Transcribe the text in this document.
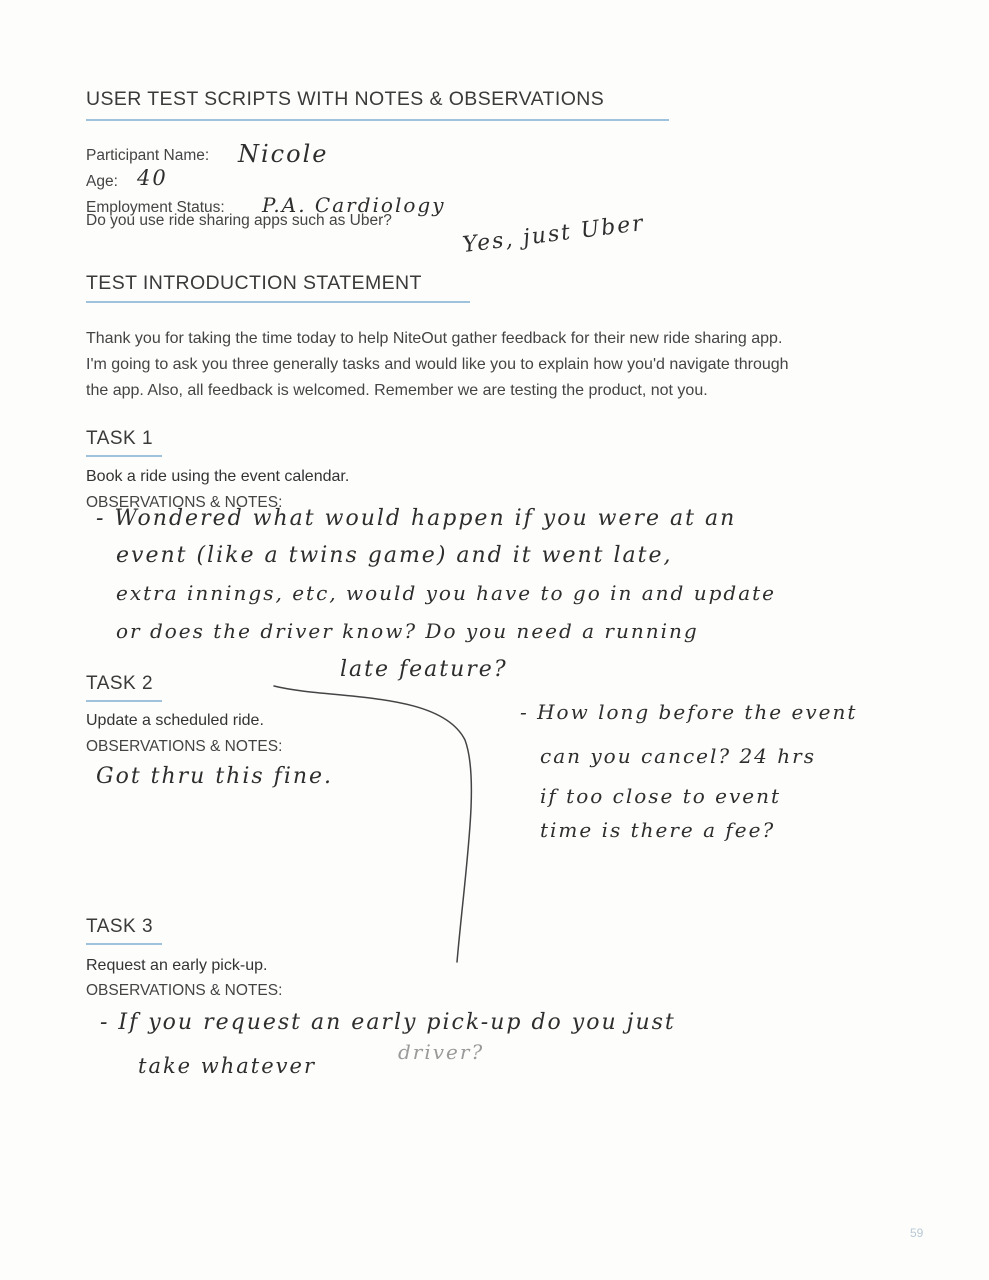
USER TEST SCRIPTS WITH NOTES & OBSERVATIONS
Participant Name: Nicole
Age: 40
Employment Status: P.A. Cardiology
Do you use ride sharing apps such as Uber?	Yes, just Uber
TEST INTRODUCTION STATEMENT
Thank you for taking the time today to help NiteOut gather feedback for their new ride sharing app.
I'm going to ask you three generally tasks and would like you to explain how you'd navigate through
the app. Also, all feedback is welcomed. Remember we are testing the product, not you.
TASK 1
Book a ride using the event calendar.
OBSERVATIONS & NOTES:
- Wondered what would happen if you were at an
event (like a twins game) and it went late,
extra innings, etc, would you have to go in and update
or does the driver know? Do you need a running
late feature?
TASK 2
Update a scheduled ride.
OBSERVATIONS & NOTES:
Got thru this fine.
- How long before the event
can you cancel? 24 hrs
if too close to event
time is there a fee?
TASK 3
Request an early pick-up.
OBSERVATIONS & NOTES:
- If you request an early pick-up do you just
take whatever
driver?
59
